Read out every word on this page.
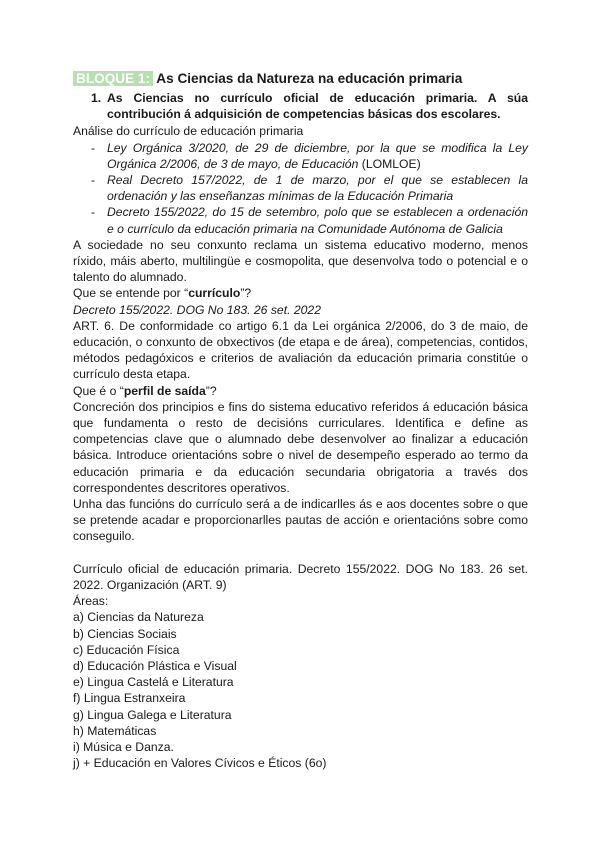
BLOQUE 1: As Ciencias da Natureza na educación primaria
1. As Ciencias no currículo oficial de educación primaria. A súa contribución á adquisición de competencias básicas dos escolares.

Análise do currículo de educación primaria

- Ley Orgánica 3/2020, de 29 de diciembre, por la que se modifica la Ley Orgánica 2/2006, de 3 de mayo, de Educación (LOMLOE)
- Real Decreto 157/2022, de 1 de marzo, por el que se establecen la ordenación y las enseñanzas mínimas de la Educación Primaria
- Decreto 155/2022, do 15 de setembro, polo que se establecen a ordenación e o currículo da educación primaria na Comunidade Autónoma de Galicia

A sociedade no seu conxunto reclama un sistema educativo moderno, menos ríxido, máis aberto, multilingüe e cosmopolita, que desenvolva todo o potencial e o talento do alumnado.

Que se entende por “currículo”?

Decreto 155/2022. DOG No 183. 26 set. 2022

ART. 6. De conformidade co artigo 6.1 da Lei orgánica 2/2006, do 3 de maio, de educación, o conxunto de obxectivos (de etapa e de área), competencias, contidos, métodos pedagóxicos e criterios de avaliación da educación primaria constitúe o currículo desta etapa.

Que é o “perfil de saída”?

Concreción dos principios e fins do sistema educativo referidos á educación básica que fundamenta o resto de decisións curriculares. Identifica e define as competencias clave que o alumnado debe desenvolver ao finalizar a educación básica. Introduce orientacións sobre o nivel de desempeño esperado ao termo da educación primaria e da educación secundaria obrigatoria a través dos correspondentes descritores operativos.

Unha das funcións do currículo será a de indicarlles ás e aos docentes sobre o que se pretende acadar e proporcionarlles pautas de acción e orientacións sobre como conseguilo.

Currículo oficial de educación primaria. Decreto 155/2022. DOG No 183. 26 set. 2022. Organización (ART. 9)

Áreas:

a) Ciencias da Natureza

b) Ciencias Sociais

c) Educación Física

d) Educación Plástica e Visual

e) Lingua Castelá e Literatura

f) Lingua Estranxeira

g) Lingua Galega e Literatura

h) Matemáticas

i) Música e Danza.

j) + Educación en Valores Cívicos e Éticos (6o)
